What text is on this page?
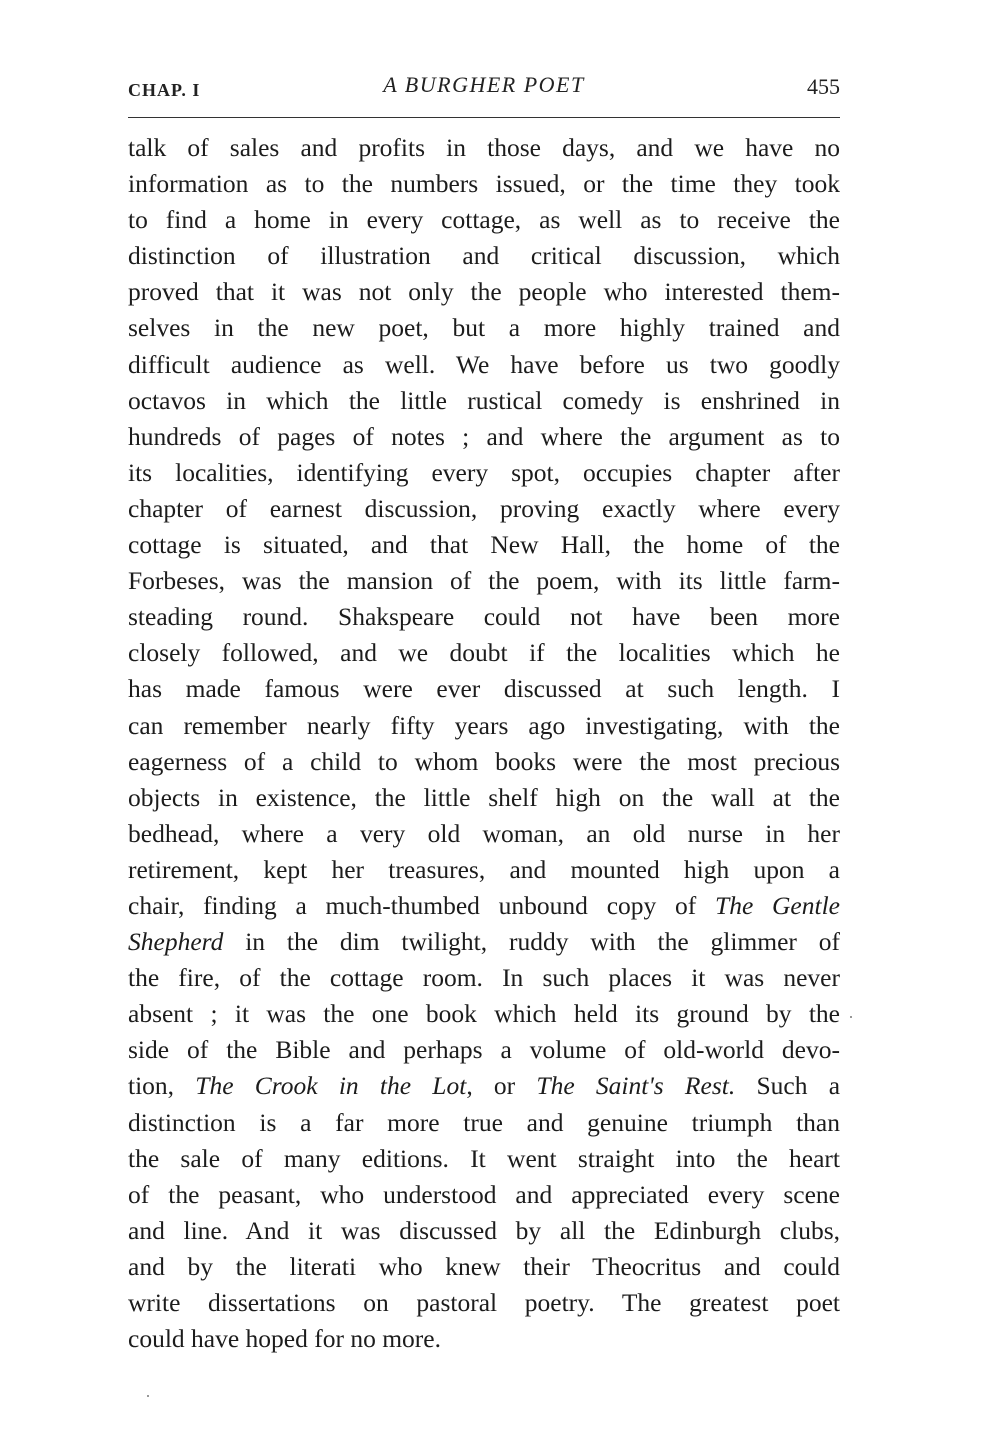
CHAP. I	A BURGHER POET	455
talk of sales and profits in those days, and we have no
information as to the numbers issued, or the time they took
to find a home in every cottage, as well as to receive the
distinction of illustration and critical discussion, which
proved that it was not only the people who interested them-
selves in the new poet, but a more highly trained and
difficult audience as well. We have before us two goodly
octavos in which the little rustical comedy is enshrined in
hundreds of pages of notes ; and where the argument as to
its localities, identifying every spot, occupies chapter after
chapter of earnest discussion, proving exactly where every
cottage is situated, and that New Hall, the home of the
Forbeses, was the mansion of the poem, with its little farm-
steading round. Shakspeare could not have been more
closely followed, and we doubt if the localities which he
has made famous were ever discussed at such length. I
can remember nearly fifty years ago investigating, with the
eagerness of a child to whom books were the most precious
objects in existence, the little shelf high on the wall at the
bedhead, where a very old woman, an old nurse in her
retirement, kept her treasures, and mounted high upon a
chair, finding a much-thumbed unbound copy of The Gentle
Shepherd in the dim twilight, ruddy with the glimmer of
the fire, of the cottage room. In such places it was never
absent ; it was the one book which held its ground by the
side of the Bible and perhaps a volume of old-world devo-
tion, The Crook in the Lot, or The Saint's Rest. Such a
distinction is a far more true and genuine triumph than
the sale of many editions. It went straight into the heart
of the peasant, who understood and appreciated every scene
and line. And it was discussed by all the Edinburgh clubs,
and by the literati who knew their Theocritus and could
write dissertations on pastoral poetry. The greatest poet
could have hoped for no more.
